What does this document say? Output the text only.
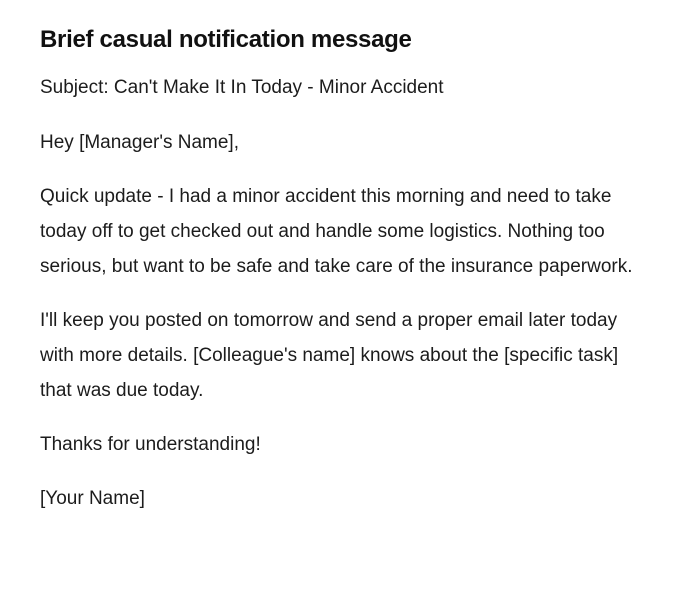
Brief casual notification message

Subject: Can't Make It In Today - Minor Accident

Hey [Manager's Name],

Quick update - I had a minor accident this morning and need to take today off to get checked out and handle some logistics. Nothing too serious, but want to be safe and take care of the insurance paperwork.

I'll keep you posted on tomorrow and send a proper email later today with more details. [Colleague's name] knows about the [specific task] that was due today.

Thanks for understanding!

[Your Name]
